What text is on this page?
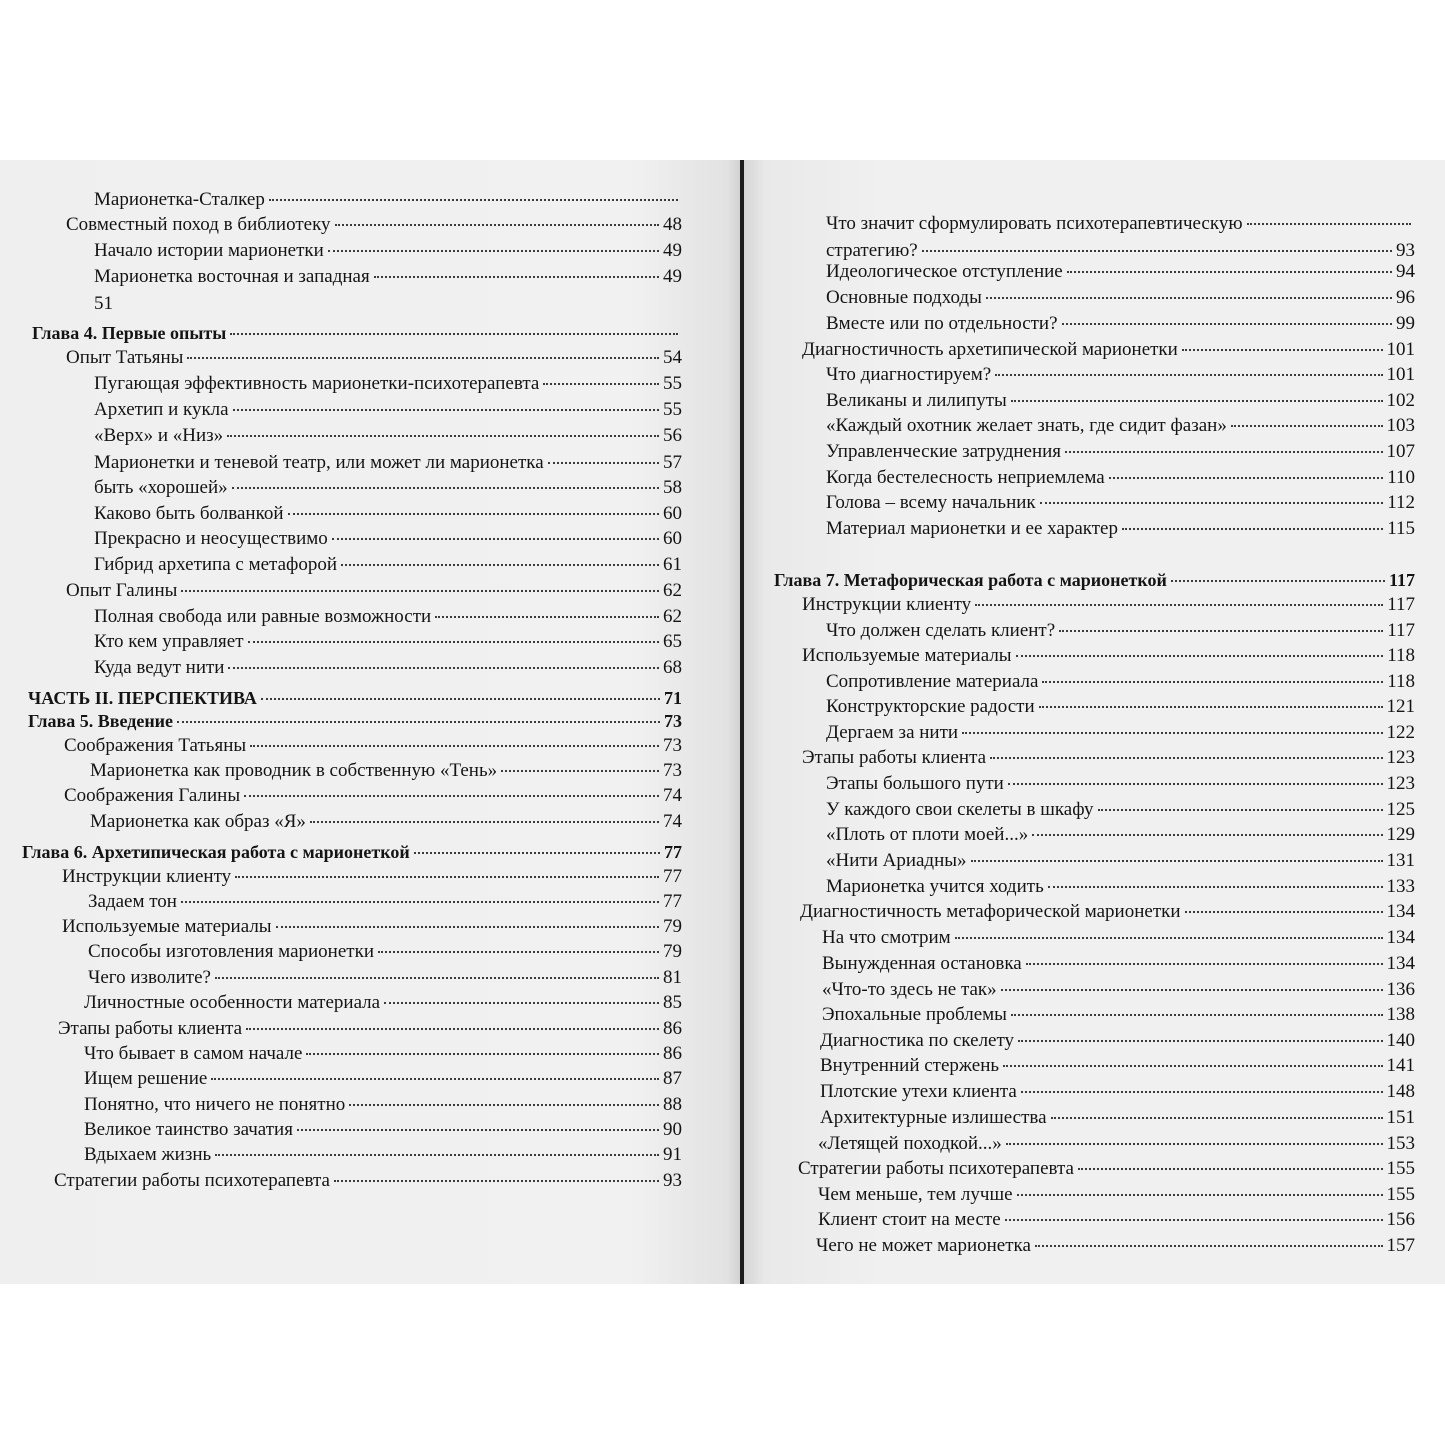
Марионетка-Сталкер
Совместный поход в библиотеку	48
Начало истории марионетки	49
Марионетка восточная и западная	49
51
Глава 4. Первые опыты
Опыт Татьяны	54
Пугающая эффективность марионетки-психотерапевта	55
Архетип и кукла	55
«Верх» и «Низ»	56
Марионетки и теневой театр, или может ли марионетка	57
быть «хорошей»	58
Каково быть болванкой	60
Прекрасно и неосуществимо	60
Гибрид архетипа с метафорой	61
Опыт Галины	62
Полная свобода или равные возможности	62
Кто кем управляет	65
Куда ведут нити	68
ЧАСТЬ II. ПЕРСПЕКТИВА	71
Глава 5. Введение	73
Соображения Татьяны	73
Марионетка как проводник в собственную «Тень»	73
Соображения Галины	74
Марионетка как образ «Я»	74
Глава 6. Архетипическая работа с марионеткой	77
Инструкции клиенту	77
Задаем тон	77
Используемые материалы	79
Способы изготовления марионетки	79
Чего изволите?	81
Личностные особенности материала	85
Этапы работы клиента	86
Что бывает в самом начале	86
Ищем решение	87
Понятно, что ничего не понятно	88
Великое таинство зачатия	90
Вдыхаем жизнь	91
Стратегии работы психотерапевта	93
Что значит сформулировать психотерапевтическую
стратегию?	93
Идеологическое отступление	94
Основные подходы	96
Вместе или по отдельности?	99
Диагностичность архетипической марионетки	101
Что диагностируем?	101
Великаны и лилипуты	102
«Каждый охотник желает знать, где сидит фазан»	103
Управленческие затруднения	107
Когда бестелесность неприемлема	110
Голова – всему начальник	112
Материал марионетки и ее характер	115
Глава 7. Метафорическая работа с марионеткой	117
Инструкции клиенту	117
Что должен сделать клиент?	117
Используемые материалы	118
Сопротивление материала	118
Конструкторские радости	121
Дергаем за нити	122
Этапы работы клиента	123
Этапы большого пути	123
У каждого свои скелеты в шкафу	125
«Плоть от плоти моей...»	129
«Нити Ариадны»	131
Марионетка учится ходить	133
Диагностичность метафорической марионетки	134
На что смотрим	134
Вынужденная остановка	134
«Что-то здесь не так»	136
Эпохальные проблемы	138
Диагностика по скелету	140
Внутренний стержень	141
Плотские утехи клиента	148
Архитектурные излишества	151
«Летящей походкой...»	153
Стратегии работы психотерапевта	155
Чем меньше, тем лучше	155
Клиент стоит на месте	156
Чего не может марионетка	157
